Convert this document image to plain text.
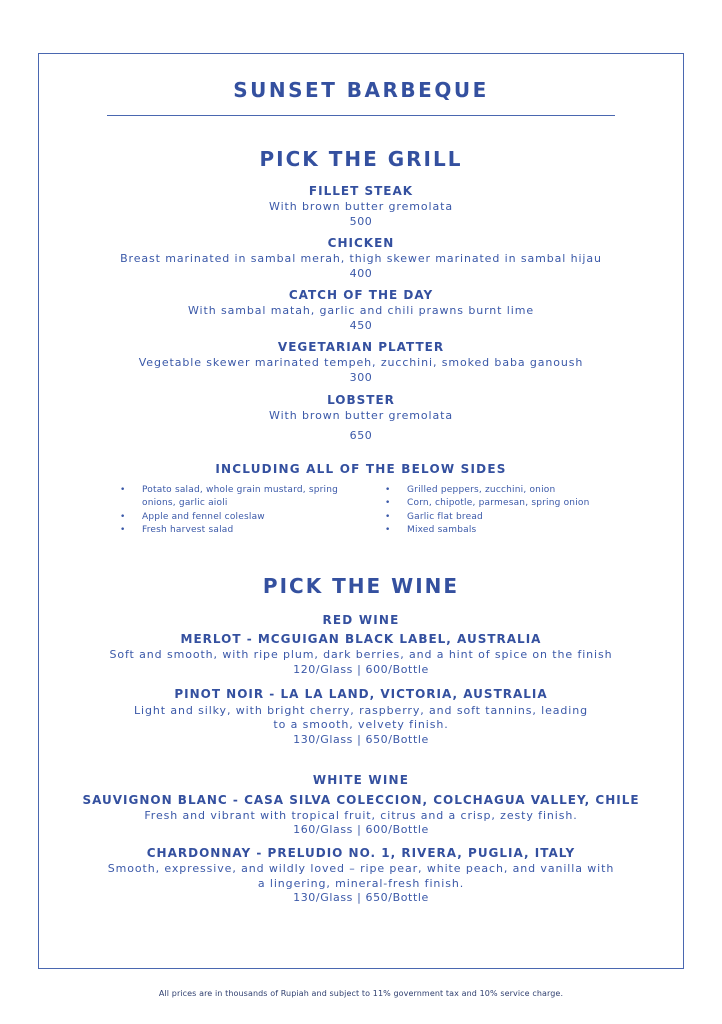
SUNSET BARBEQUE
PICK THE GRILL
FILLET STEAK
With brown butter gremolata
500
CHICKEN
Breast marinated in sambal merah, thigh skewer marinated in sambal hijau
400
CATCH OF THE DAY
With sambal matah, garlic and chili prawns burnt lime
450
VEGETARIAN PLATTER
Vegetable skewer marinated tempeh, zucchini, smoked baba ganoush
300
LOBSTER
With brown butter gremolata
650
INCLUDING ALL OF THE BELOW SIDES
• Potato salad, whole grain mustard, spring
onions, garlic aioli
• Apple and fennel coleslaw
• Fresh harvest salad
• Grilled peppers, zucchini, onion
• Corn, chipotle, parmesan, spring onion
• Garlic flat bread
• Mixed sambals
PICK THE WINE
RED WINE
MERLOT - MCGUIGAN BLACK LABEL, AUSTRALIA
Soft and smooth, with ripe plum, dark berries, and a hint of spice on the finish
120/Glass | 600/Bottle
PINOT NOIR - LA LA LAND, VICTORIA, AUSTRALIA
Light and silky, with bright cherry, raspberry, and soft tannins, leading
to a smooth, velvety finish.
130/Glass | 650/Bottle
WHITE WINE
SAUVIGNON BLANC - CASA SILVA COLECCION, COLCHAGUA VALLEY, CHILE
Fresh and vibrant with tropical fruit, citrus and a crisp, zesty finish.
160/Glass | 600/Bottle
CHARDONNAY - PRELUDIO NO. 1, RIVERA, PUGLIA, ITALY
Smooth, expressive, and wildly loved – ripe pear, white peach, and vanilla with
a lingering, mineral-fresh finish.
130/Glass | 650/Bottle
All prices are in thousands of Rupiah and subject to 11% government tax and 10% service charge.
